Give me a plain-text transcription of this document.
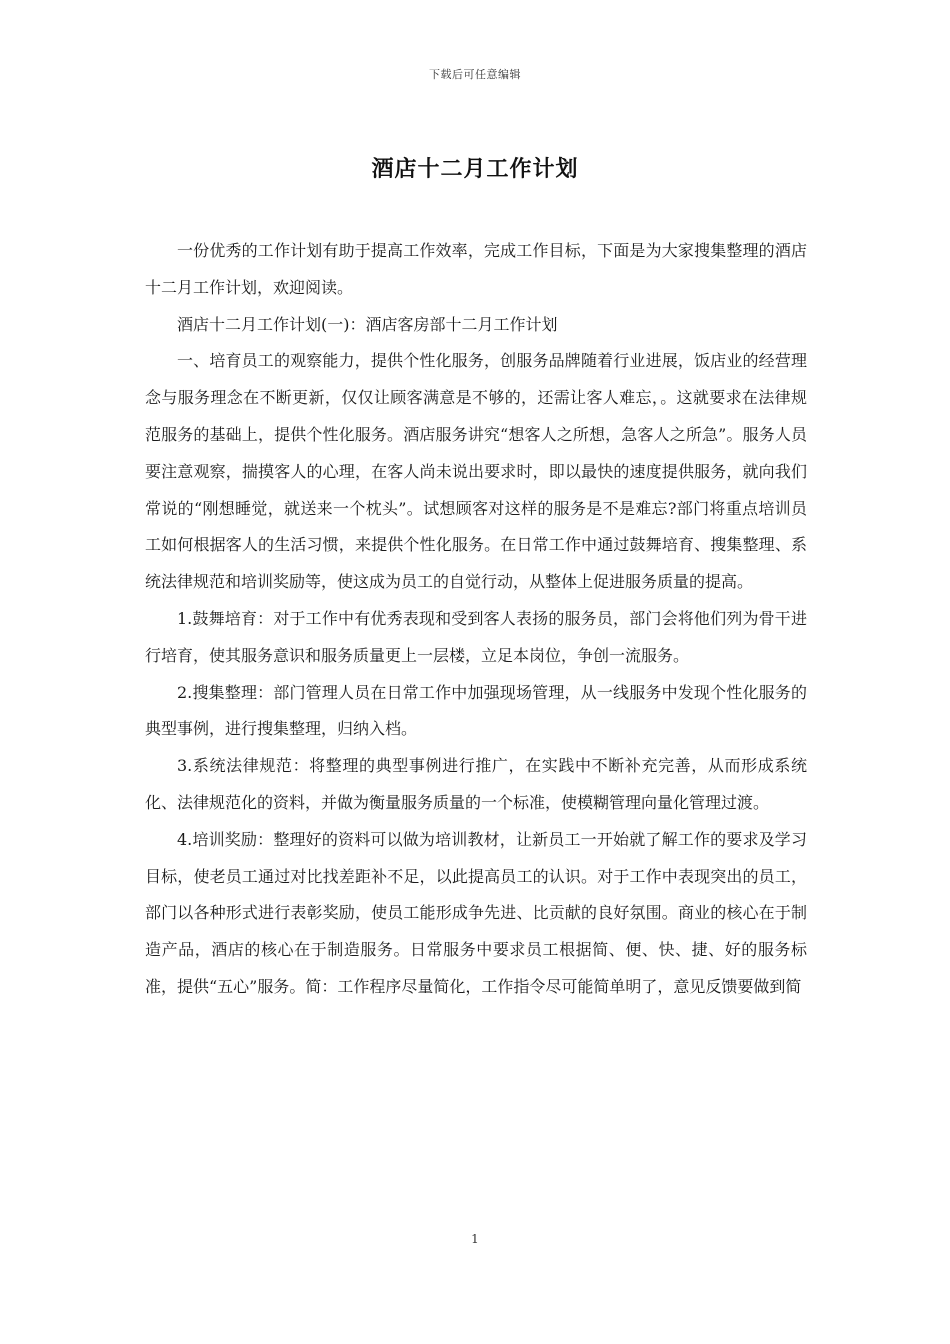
下载后可任意编辑
酒店十二月工作计划

一份优秀的工作计划有助于提高工作效率，完成工作目标，下面是为大家搜集整理的酒店十二月工作计划，欢迎阅读。

酒店十二月工作计划(一)：酒店客房部十二月工作计划

一、培育员工的观察能力，提供个性化服务，创服务品牌随着行业进展，饭店业的经营理念与服务理念在不断更新，仅仅让顾客满意是不够的，还需让客人难忘，。这就要求在法律规范服务的基础上，提供个性化服务。酒店服务讲究“想客人之所想，急客人之所急”。服务人员要注意观察，揣摸客人的心理，在客人尚未说出要求时，即以最快的速度提供服务，就向我们常说的“刚想睡觉，就送来一个枕头”。试想顾客对这样的服务是不是难忘?部门将重点培训员工如何根据客人的生活习惯，来提供个性化服务。在日常工作中通过鼓舞培育、搜集整理、系统法律规范和培训奖励等，使这成为员工的自觉行动，从整体上促进服务质量的提高。

1.鼓舞培育：对于工作中有优秀表现和受到客人表扬的服务员，部门会将他们列为骨干进行培育，使其服务意识和服务质量更上一层楼，立足本岗位，争创一流服务。

2.搜集整理：部门管理人员在日常工作中加强现场管理，从一线服务中发现个性化服务的典型事例，进行搜集整理，归纳入档。

3.系统法律规范：将整理的典型事例进行推广，在实践中不断补充完善，从而形成系统化、法律规范化的资料，并做为衡量服务质量的一个标准，使模糊管理向量化管理过渡。

4.培训奖励：整理好的资料可以做为培训教材，让新员工一开始就了解工作的要求及学习目标，使老员工通过对比找差距补不足，以此提高员工的认识。对于工作中表现突出的员工，部门以各种形式进行表彰奖励，使员工能形成争先进、比贡献的良好氛围。商业的核心在于制造产品，酒店的核心在于制造服务。日常服务中要求员工根据简、便、快、捷、好的服务标准，提供“五心”服务。简：工作程序尽量简化，工作指令尽可能简单明了，意见反馈要做到简

1
